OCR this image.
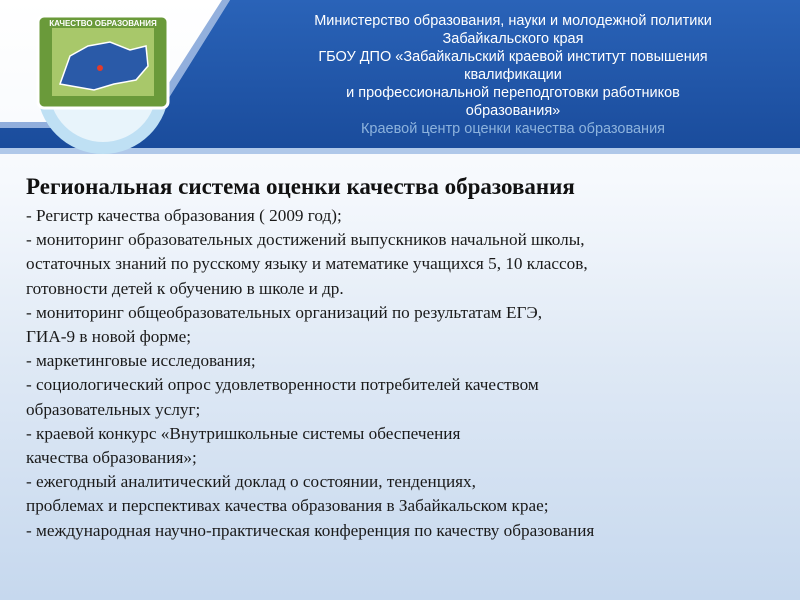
КАЧЕСТВО ОБРАЗОВАНИЯ	Министерство образования, науки и молодежной политики
Забайкальского края
ГБОУ ДПО «Забайкальский краевой институт повышения
квалификации
и профессиональной переподготовки работников
образования»
Краевой центр оценки качества образования
Региональная система оценки качества образования
- Регистр качества образования ( 2009 год);
- мониторинг образовательных достижений выпускников начальной школы,
остаточных знаний по русскому языку и математике учащихся 5, 10 классов,
готовности детей к обучению в школе и др.
- мониторинг общеобразовательных организаций по результатам ЕГЭ,
ГИА-9 в новой форме;
- маркетинговые исследования;
- социологический опрос удовлетворенности потребителей качеством
образовательных услуг;
- краевой конкурс «Внутришкольные системы обеспечения
качества образования»;
- ежегодный аналитический доклад о состоянии, тенденциях,
проблемах и перспективах качества образования в Забайкальском крае;
- международная научно-практическая конференция по качеству образования
